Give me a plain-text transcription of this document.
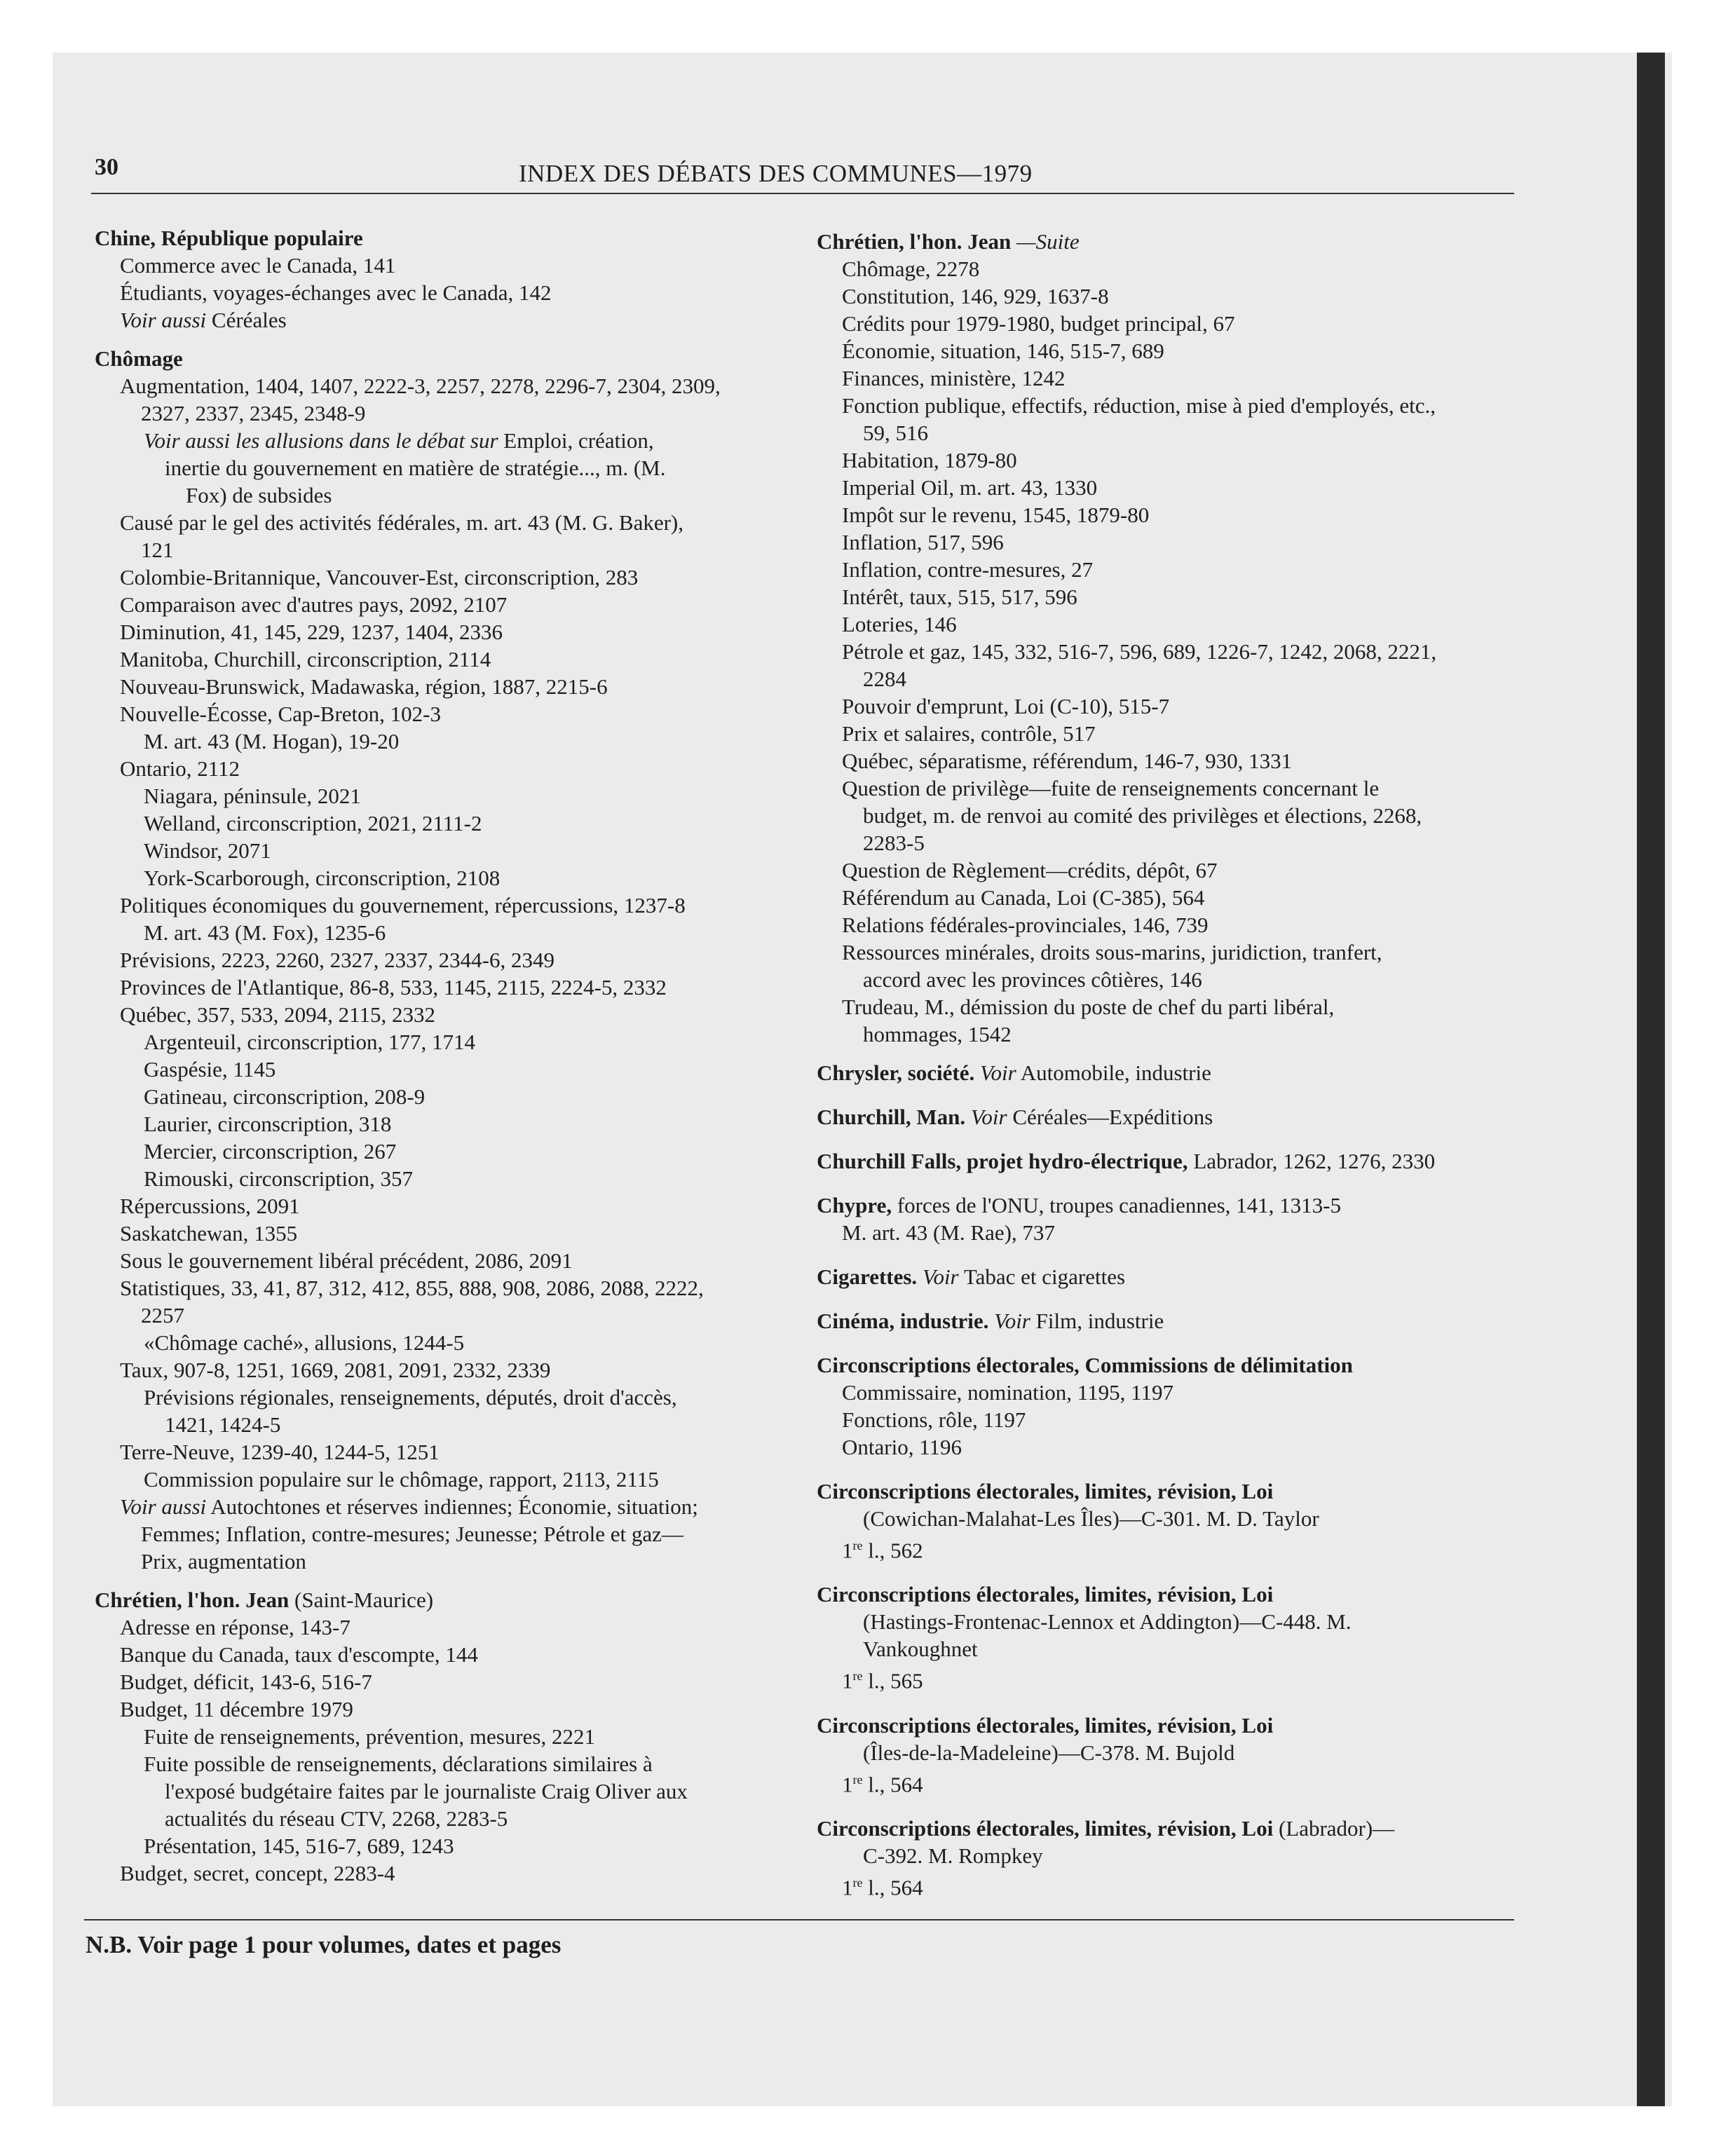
30	INDEX DES DÉBATS DES COMMUNES—1979
Chine, République populaire
Commerce avec le Canada, 141
Étudiants, voyages-échanges avec le Canada, 142
Voir aussi Céréales
Chômage
Augmentation, 1404, 1407, 2222-3, 2257, 2278, 2296-7, 2304, 2309,
2327, 2337, 2345, 2348-9
Voir aussi les allusions dans le débat sur Emploi, création,
inertie du gouvernement en matière de stratégie..., m. (M.
Fox) de subsides
Causé par le gel des activités fédérales, m. art. 43 (M. G. Baker),
121
Colombie-Britannique, Vancouver-Est, circonscription, 283
Comparaison avec d'autres pays, 2092, 2107
Diminution, 41, 145, 229, 1237, 1404, 2336
Manitoba, Churchill, circonscription, 2114
Nouveau-Brunswick, Madawaska, région, 1887, 2215-6
Nouvelle-Écosse, Cap-Breton, 102-3
M. art. 43 (M. Hogan), 19-20
Ontario, 2112
Niagara, péninsule, 2021
Welland, circonscription, 2021, 2111-2
Windsor, 2071
York-Scarborough, circonscription, 2108
Politiques économiques du gouvernement, répercussions, 1237-8
M. art. 43 (M. Fox), 1235-6
Prévisions, 2223, 2260, 2327, 2337, 2344-6, 2349
Provinces de l'Atlantique, 86-8, 533, 1145, 2115, 2224-5, 2332
Québec, 357, 533, 2094, 2115, 2332
Argenteuil, circonscription, 177, 1714
Gaspésie, 1145
Gatineau, circonscription, 208-9
Laurier, circonscription, 318
Mercier, circonscription, 267
Rimouski, circonscription, 357
Répercussions, 2091
Saskatchewan, 1355
Sous le gouvernement libéral précédent, 2086, 2091
Statistiques, 33, 41, 87, 312, 412, 855, 888, 908, 2086, 2088, 2222,
2257
«Chômage caché», allusions, 1244-5
Taux, 907-8, 1251, 1669, 2081, 2091, 2332, 2339
Prévisions régionales, renseignements, députés, droit d'accès,
1421, 1424-5
Terre-Neuve, 1239-40, 1244-5, 1251
Commission populaire sur le chômage, rapport, 2113, 2115
Voir aussi Autochtones et réserves indiennes; Économie, situation;
Femmes; Inflation, contre-mesures; Jeunesse; Pétrole et gaz—
Prix, augmentation
Chrétien, l'hon. Jean (Saint-Maurice)
Adresse en réponse, 143-7
Banque du Canada, taux d'escompte, 144
Budget, déficit, 143-6, 516-7
Budget, 11 décembre 1979
Fuite de renseignements, prévention, mesures, 2221
Fuite possible de renseignements, déclarations similaires à
l'exposé budgétaire faites par le journaliste Craig Oliver aux
actualités du réseau CTV, 2268, 2283-5
Présentation, 145, 516-7, 689, 1243
Budget, secret, concept, 2283-4
Chrétien, l'hon. Jean —Suite
Chômage, 2278
Constitution, 146, 929, 1637-8
Crédits pour 1979-1980, budget principal, 67
Économie, situation, 146, 515-7, 689
Finances, ministère, 1242
Fonction publique, effectifs, réduction, mise à pied d'employés, etc.,
59, 516
Habitation, 1879-80
Imperial Oil, m. art. 43, 1330
Impôt sur le revenu, 1545, 1879-80
Inflation, 517, 596
Inflation, contre-mesures, 27
Intérêt, taux, 515, 517, 596
Loteries, 146
Pétrole et gaz, 145, 332, 516-7, 596, 689, 1226-7, 1242, 2068, 2221,
2284
Pouvoir d'emprunt, Loi (C-10), 515-7
Prix et salaires, contrôle, 517
Québec, séparatisme, référendum, 146-7, 930, 1331
Question de privilège—fuite de renseignements concernant le
budget, m. de renvoi au comité des privilèges et élections, 2268,
2283-5
Question de Règlement—crédits, dépôt, 67
Référendum au Canada, Loi (C-385), 564
Relations fédérales-provinciales, 146, 739
Ressources minérales, droits sous-marins, juridiction, tranfert,
accord avec les provinces côtières, 146
Trudeau, M., démission du poste de chef du parti libéral,
hommages, 1542
Chrysler, société. Voir Automobile, industrie
Churchill, Man. Voir Céréales—Expéditions
Churchill Falls, projet hydro-électrique, Labrador, 1262, 1276, 2330
Chypre, forces de l'ONU, troupes canadiennes, 141, 1313-5
M. art. 43 (M. Rae), 737
Cigarettes. Voir Tabac et cigarettes
Cinéma, industrie. Voir Film, industrie
Circonscriptions électorales, Commissions de délimitation
Commissaire, nomination, 1195, 1197
Fonctions, rôle, 1197
Ontario, 1196
Circonscriptions électorales, limites, révision, Loi
(Cowichan-Malahat-Les Îles)—C-301. M. D. Taylor
1re l., 562
Circonscriptions électorales, limites, révision, Loi
(Hastings-Frontenac-Lennox et Addington)—C-448. M.
Vankoughnet
1re l., 565
Circonscriptions électorales, limites, révision, Loi
(Îles-de-la-Madeleine)—C-378. M. Bujold
1re l., 564
Circonscriptions électorales, limites, révision, Loi (Labrador)—
C-392. M. Rompkey
1re l., 564
N.B. Voir page 1 pour volumes, dates et pages
